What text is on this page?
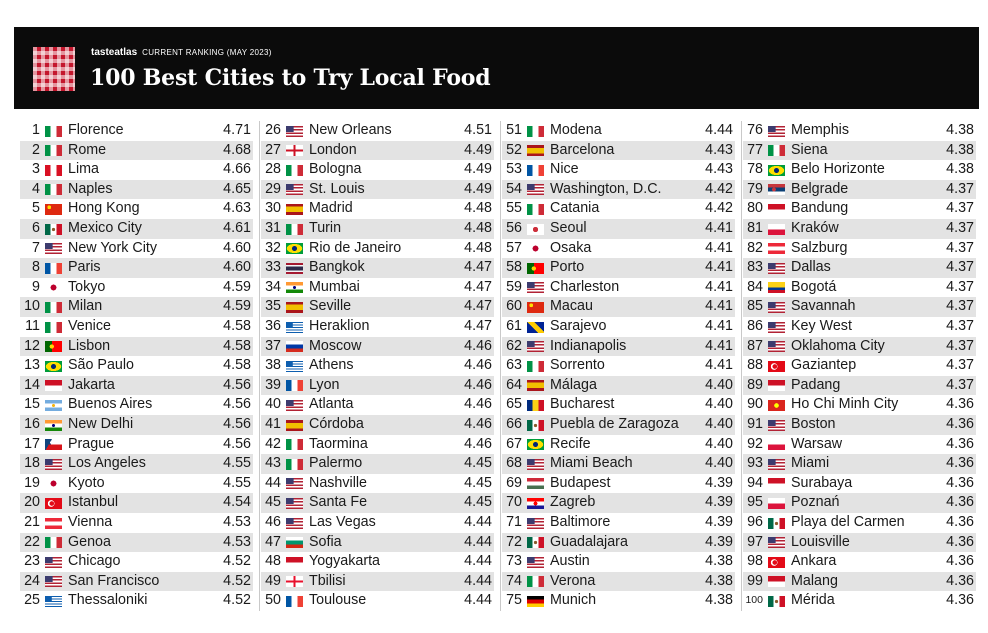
tasteatlas CURRENT RANKING (MAY 2023)
100 Best Cities to Try Local Food
1 Florence	4.71
2 Rome	4.68
3 Lima	4.66
4 Naples	4.65
5 Hong Kong	4.63
6 Mexico City	4.61
7 New York City	4.60
8 Paris	4.60
9 Tokyo	4.59
10 Milan	4.59
11 Venice	4.58
12 Lisbon	4.58
13 São Paulo	4.58
14 Jakarta	4.56
15 Buenos Aires	4.56
16 New Delhi	4.56
17 Prague	4.56
18 Los Angeles	4.55
19 Kyoto	4.55
20 Istanbul	4.54
21 Vienna	4.53
22 Genoa	4.53
23 Chicago	4.52
24 San Francisco	4.52
25 Thessaloniki	4.52
26 New Orleans	4.51
27 London	4.49
28 Bologna	4.49
29 St. Louis	4.49
30 Madrid	4.48
31 Turin	4.48
32 Rio de Janeiro	4.48
33 Bangkok	4.47
34 Mumbai	4.47
35 Seville	4.47
36 Heraklion	4.47
37 Moscow	4.46
38 Athens	4.46
39 Lyon	4.46
40 Atlanta	4.46
41 Córdoba	4.46
42 Taormina	4.46
43 Palermo	4.45
44 Nashville	4.45
45 Santa Fe	4.45
46 Las Vegas	4.44
47 Sofia	4.44
48 Yogyakarta	4.44
49 Tbilisi	4.44
50 Toulouse	4.44
51 Modena	4.44
52 Barcelona	4.43
53 Nice	4.43
54 Washington, D.C.	4.42
55 Catania	4.42
56 Seoul	4.41
57 Osaka	4.41
58 Porto	4.41
59 Charleston	4.41
60 Macau	4.41
61 Sarajevo	4.41
62 Indianapolis	4.41
63 Sorrento	4.41
64 Málaga	4.40
65 Bucharest	4.40
66 Puebla de Zaragoza 4.40
67 Recife	4.40
68 Miami Beach	4.40
69 Budapest	4.39
70 Zagreb	4.39
71 Baltimore	4.39
72 Guadalajara	4.39
73 Austin	4.38
74 Verona	4.38
75 Munich	4.38
76 Memphis	4.38
77 Siena	4.38
78 Belo Horizonte	4.38
79 Belgrade	4.37
80 Bandung	4.37
81 Kraków	4.37
82 Salzburg	4.37
83 Dallas	4.37
84 Bogotá	4.37
85 Savannah	4.37
86 Key West	4.37
87 Oklahoma City	4.37
88 Gaziantep	4.37
89 Padang	4.37
90 Ho Chi Minh City	4.36
91 Boston	4.36
92 Warsaw	4.36
93 Miami	4.36
94 Surabaya	4.36
95 Poznań	4.36
96 Playa del Carmen	4.36
97 Louisville	4.36
98 Ankara	4.36
99 Malang	4.36
100 Mérida	4.36
